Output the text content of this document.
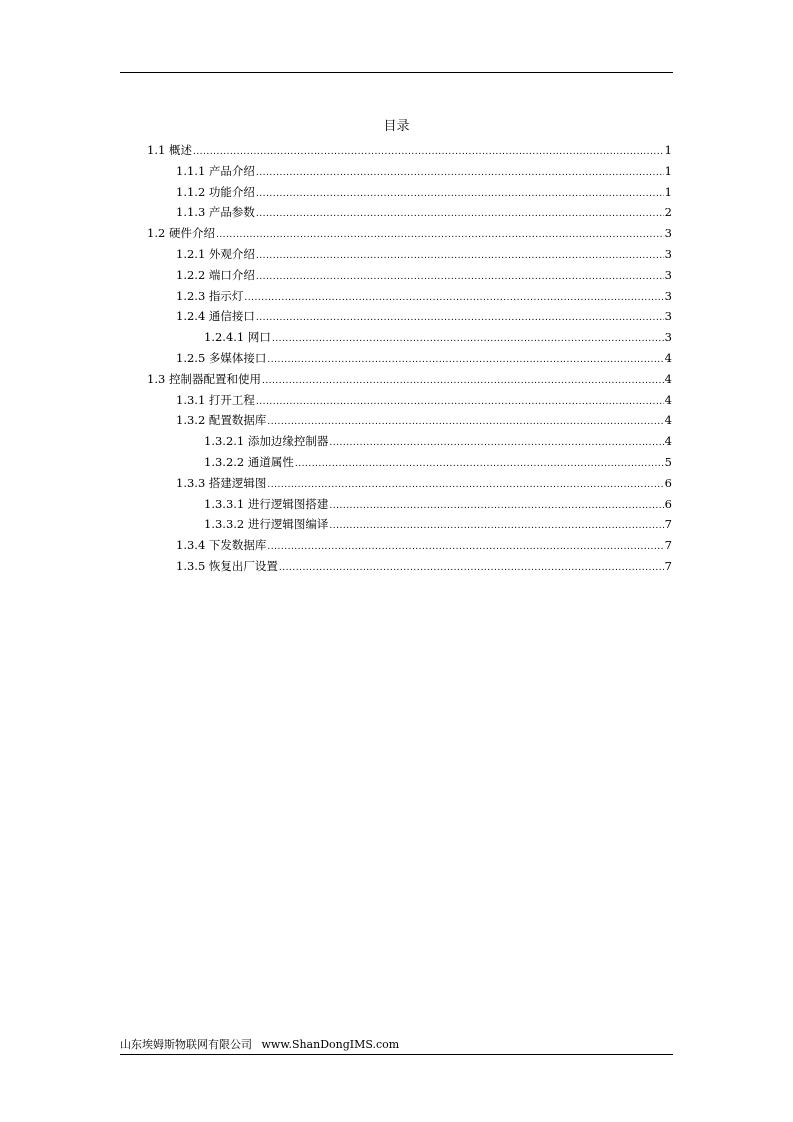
目录
1.1 概述 .....	1
1.1.1 产品介绍 .....	1
1.1.2 功能介绍 .....	1
1.1.3 产品参数 .....	2
1.2 硬件介绍 .....	3
1.2.1 外观介绍 .....	3
1.2.2 端口介绍 .....	3
1.2.3 指示灯 .....	3
1.2.4 通信接口 .....	3
1.2.4.1 网口 .....	3
1.2.5 多媒体接口 .....	4
1.3 控制器配置和使用 .....	4
1.3.1 打开工程 .....	4
1.3.2 配置数据库 .....	4
1.3.2.1 添加边缘控制器 .....	4
1.3.2.2 通道属性 .....	5
1.3.3 搭建逻辑图 .....	6
1.3.3.1 进行逻辑图搭建 .....	6
1.3.3.2 进行逻辑图编译 .....	7
1.3.4 下发数据库 .....	7
1.3.5 恢复出厂设置 .....	7
山东埃姆斯物联网有限公司 www.ShanDongIMS.com
